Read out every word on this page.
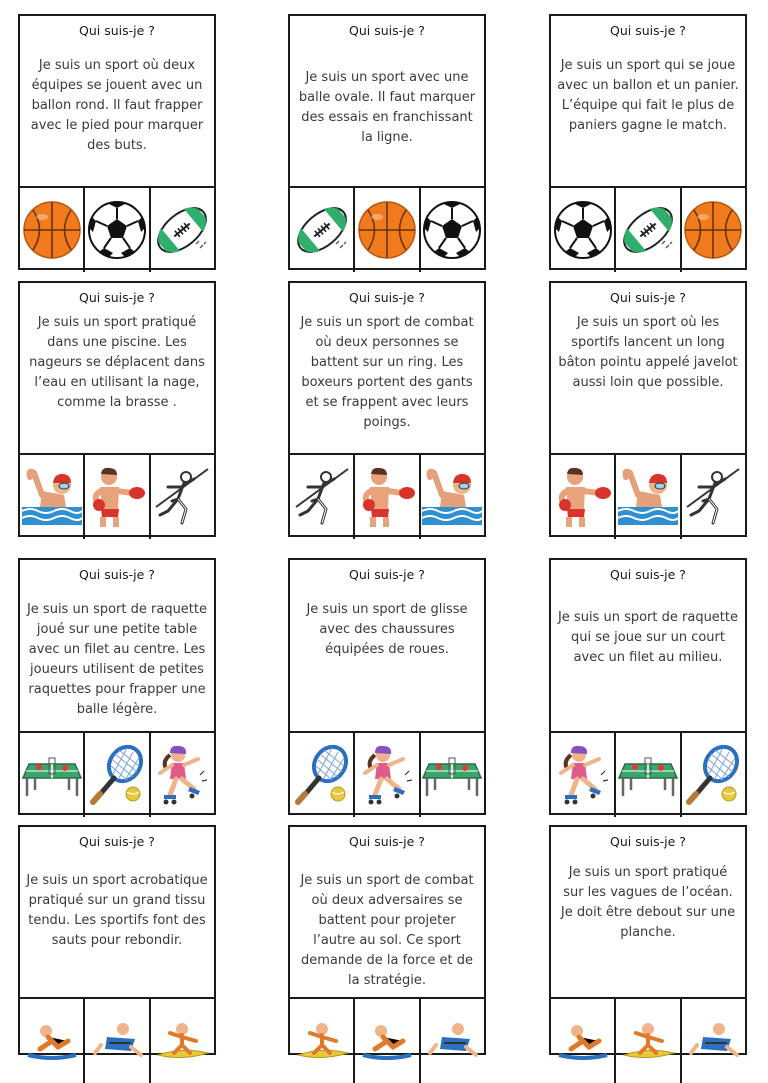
Qui suis-je ?
Je suis un sport où deux équipes se jouent avec un ballon rond. Il faut frapper avec le pied pour marquer des buts.
Qui suis-je ?
Je suis un sport avec une balle ovale. Il faut marquer des essais en franchissant la ligne.
Qui suis-je ?
Je suis un sport qui se joue avec un ballon et un panier. L’équipe qui fait le plus de paniers gagne le match.
Qui suis-je ?
Je suis un sport pratiqué dans une piscine. Les nageurs se déplacent dans l’eau en utilisant la nage, comme la brasse .
Qui suis-je ?
Je suis un sport de combat où deux personnes se battent sur un ring. Les boxeurs portent des gants et se frappent avec leurs poings.
Qui suis-je ?
Je suis un sport où les sportifs lancent un long bâton pointu appelé javelot aussi loin que possible.
Qui suis-je ?
Je suis un sport de raquette joué sur une petite table avec un filet au centre. Les joueurs utilisent de petites raquettes pour frapper une balle légère.
Qui suis-je ?
Je suis un sport de glisse avec des chaussures équipées de roues.
Qui suis-je ?
Je suis un sport de raquette qui se joue sur un court avec un filet au milieu.
Qui suis-je ?
Je suis un sport acrobatique pratiqué sur un grand tissu tendu. Les sportifs font des sauts pour rebondir.
Qui suis-je ?
Je suis un sport de combat où deux adversaires se battent pour projeter l’autre au sol. Ce sport demande de la force et de la stratégie.
Qui suis-je ?
Je suis un sport pratiqué sur les vagues de l’océan. Je doit être debout sur une planche.
